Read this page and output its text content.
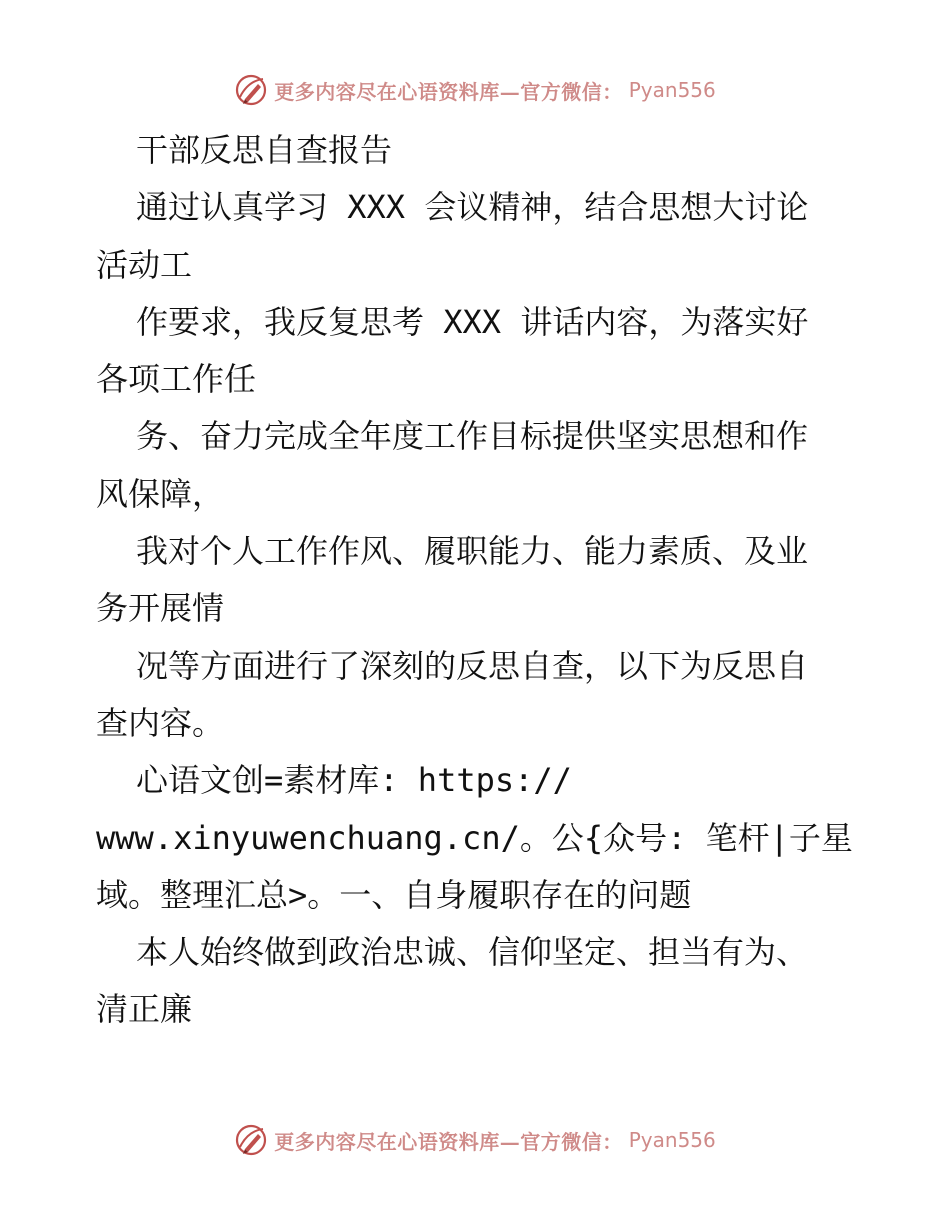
更多内容尽在心语资料库—官方微信： Pyan556
干部反思自查报告
通过认真学习 XXX 会议精神，结合思想大讨论
活动工
作要求，我反复思考 XXX 讲话内容，为落实好
各项工作任
务、奋力完成全年度工作目标提供坚实思想和作
风保障，
我对个人工作作风、履职能力、能力素质、及业
务开展情
况等方面进行了深刻的反思自查，以下为反思自
查内容。
心语文创=素材库: https://
www.xinyuwenchuang.cn/。公{众号: 笔杆|子星
域。整理汇总>。一、自身履职存在的问题
本人始终做到政治忠诚、信仰坚定、担当有为、
清正廉
更多内容尽在心语资料库—官方微信： Pyan556
